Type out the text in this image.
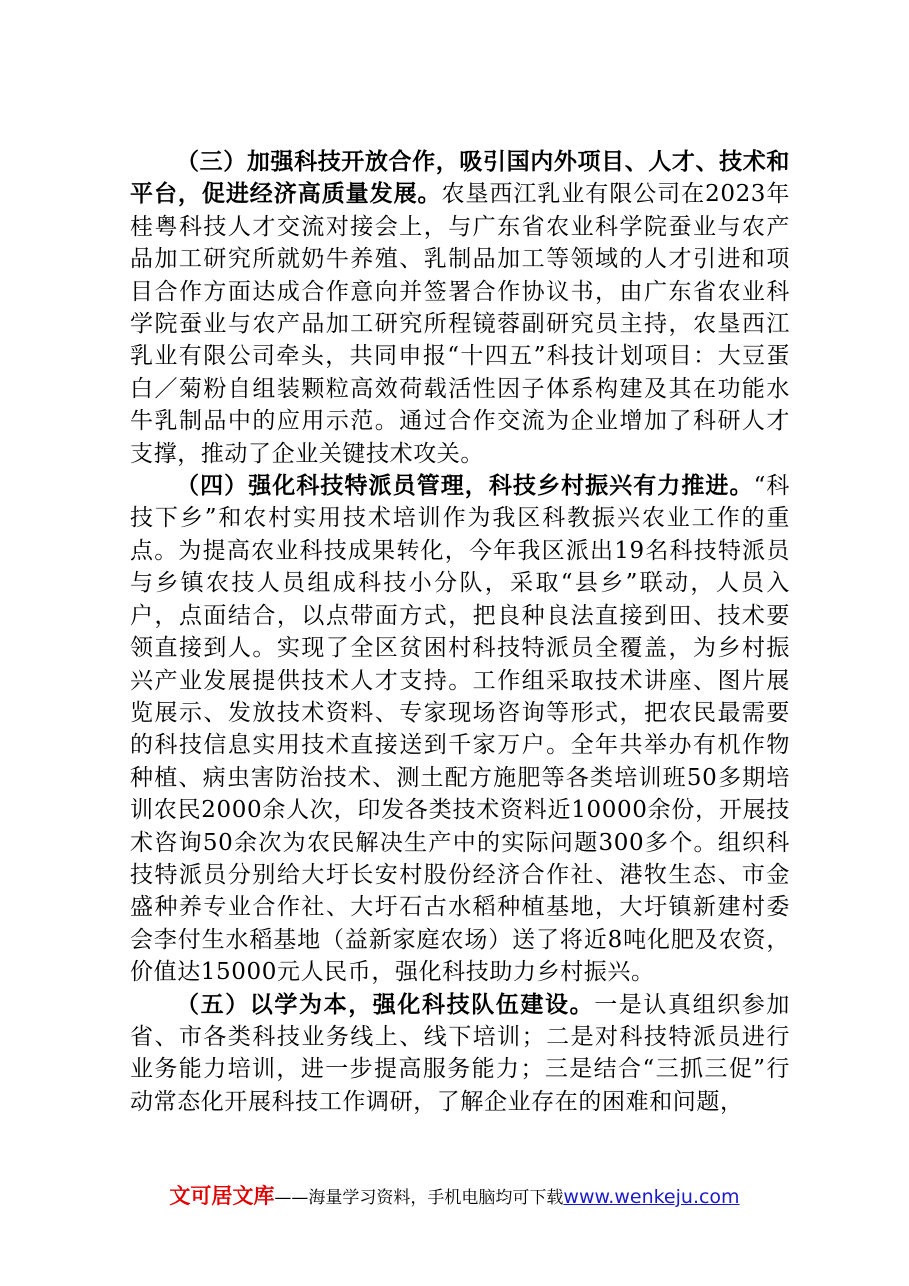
（三）加强科技开放合作，吸引国内外项目、人才、技术和平台，促进经济高质量发展。农垦西江乳业有限公司在2023年桂粤科技人才交流对接会上，与广东省农业科学院蚕业与农产品加工研究所就奶牛养殖、乳制品加工等领域的人才引进和项目合作方面达成合作意向并签署合作协议书，由广东省农业科学院蚕业与农产品加工研究所程镜蓉副研究员主持，农垦西江乳业有限公司牵头，共同申报“十四五”科技计划项目：大豆蛋白／菊粉自组装颗粒高效荷载活性因子体系构建及其在功能水牛乳制品中的应用示范。通过合作交流为企业增加了科研人才支撑，推动了企业关键技术攻关。

（四）强化科技特派员管理，科技乡村振兴有力推进。“科技下乡”和农村实用技术培训作为我区科教振兴农业工作的重点。为提高农业科技成果转化，今年我区派出19名科技特派员与乡镇农技人员组成科技小分队，采取“县乡”联动，人员入户，点面结合，以点带面方式，把良种良法直接到田、技术要领直接到人。实现了全区贫困村科技特派员全覆盖，为乡村振兴产业发展提供技术人才支持。工作组采取技术讲座、图片展览展示、发放技术资料、专家现场咨询等形式，把农民最需要的科技信息实用技术直接送到千家万户。全年共举办有机作物种植、病虫害防治技术、测土配方施肥等各类培训班50多期培训农民2000余人次，印发各类技术资料近10000余份，开展技术咨询50余次为农民解决生产中的实际问题300多个。组织科技特派员分别给大圩长安村股份经济合作社、港牧生态、市金盛种养专业合作社、大圩石古水稻种植基地，大圩镇新建村委会李付生水稻基地（益新家庭农场）送了将近8吨化肥及农资，价值达15000元人民币，强化科技助力乡村振兴。

（五）以学为本，强化科技队伍建设。一是认真组织参加省、市各类科技业务线上、线下培训；二是对科技特派员进行业务能力培训，进一步提高服务能力；三是结合“三抓三促”行动常态化开展科技工作调研，了解企业存在的困难和问题，

文可居文库——海量学习资料，手机电脑均可下载www.wenkeju.com
